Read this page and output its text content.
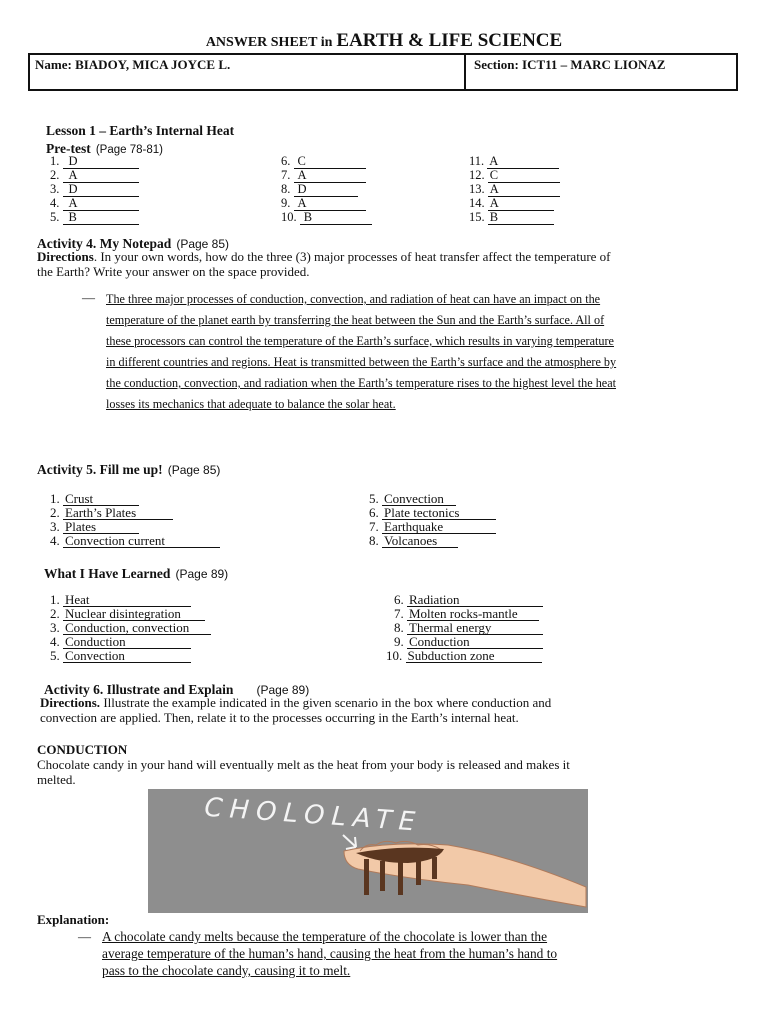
ANSWER SHEET in EARTH & LIFE SCIENCE
Name: BIADOY, MICA JOYCE L.	Section: ICT11 – MARC LIONAZ
Lesson 1 – Earth’s Internal Heat
Pre-test (Page 78-81)
1. D
2. A
3. D
4. A
5. B
6. C
7. A
8. D
9. A
10. B
11. A
12. C
13. A
14. A
15. B
Activity 4. My Notepad (Page 85)
Directions. In your own words, how do the three (3) major processes of heat transfer affect the temperature of
the Earth? Write your answer on the space provided.
— The three major processes of conduction, convection, and radiation of heat can have an impact on the
temperature of the planet earth by transferring the heat between the Sun and the Earth’s surface. All of
these processors can control the temperature of the Earth’s surface, which results in varying temperature
in different countries and regions. Heat is transmitted between the Earth’s surface and the atmosphere by
the conduction, convection, and radiation when the Earth’s temperature rises to the highest level the heat
losses its mechanics that adequate to balance the solar heat.
Activity 5. Fill me up! (Page 85)
1. Crust
2. Earth’s Plates
3. Plates
4. Convection current
5. Convection
6. Plate tectonics
7. Earthquake
8. Volcanoes
What I Have Learned (Page 89)
1. Heat
2. Nuclear disintegration
3. Conduction, convection
4. Conduction
5. Convection
6. Radiation
7. Molten rocks-mantle
8. Thermal energy
9. Conduction
10. Subduction zone
Activity 6. Illustrate and Explain (Page 89)
Directions. Illustrate the example indicated in the given scenario in the box where conduction and
convection are applied. Then, relate it to the processes occurring in the Earth’s internal heat.
CONDUCTION
Chocolate candy in your hand will eventually melt as the heat from your body is released and makes it
melted.
CHOLOLATE
Explanation:
— A chocolate candy melts because the temperature of the chocolate is lower than the
average temperature of the human’s hand, causing the heat from the human’s hand to
pass to the chocolate candy, causing it to melt.
